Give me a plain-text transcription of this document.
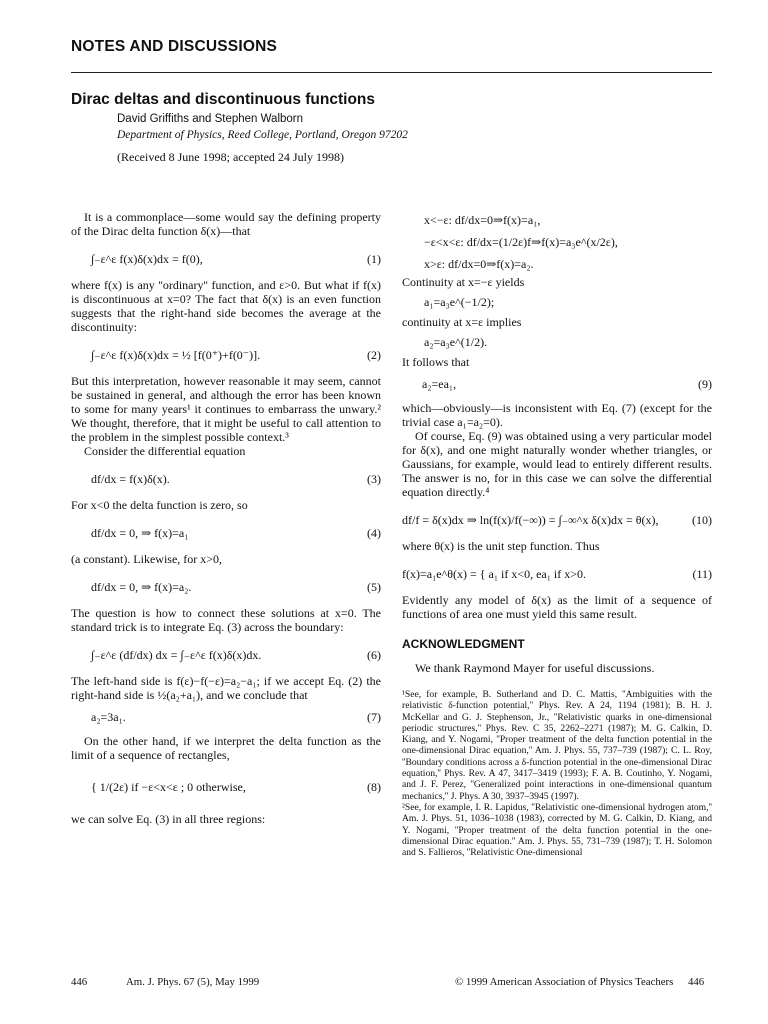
NOTES AND DISCUSSIONS
Dirac deltas and discontinuous functions
David Griffiths and Stephen Walborn
Department of Physics, Reed College, Portland, Oregon 97202
(Received 8 June 1998; accepted 24 July 1998)

It is a commonplace—some would say the defining property of the Dirac delta function δ(x)—that

∫₋ε^ε f(x)δ(x)dx = f(0),	(1)

where f(x) is any ''ordinary'' function, and ε>0. But what if f(x) is discontinuous at x=0? The fact that δ(x) is an even function suggests that the right-hand side becomes the average at the discontinuity:

∫₋ε^ε f(x)δ(x)dx = ½ [f(0⁺)+f(0⁻)].	(2)

But this interpretation, however reasonable it may seem, cannot be sustained in general, and although the error has been known to some for many years¹ it continues to embarrass the unwary.² We thought, therefore, that it might be useful to call attention to the problem in the simplest possible context.³

Consider the differential equation

df/dx = f(x)δ(x).	(3)

For x<0 the delta function is zero, so

df/dx = 0, ⇒ f(x)=a₁	(4)

(a constant). Likewise, for x>0,

df/dx = 0, ⇒ f(x)=a₂.	(5)

The question is how to connect these solutions at x=0. The standard trick is to integrate Eq. (3) across the boundary:

∫₋ε^ε (df/dx) dx = ∫₋ε^ε f(x)δ(x)dx.	(6)

The left-hand side is f(ε)−f(−ε)=a₂−a₁; if we accept Eq. (2) the right-hand side is ½(a₂+a₁), and we conclude that

a₂=3a₁.	(7)

On the other hand, if we interpret the delta function as the limit of a sequence of rectangles,

{ 1/(2ε) if −ε<x<ε ; 0 otherwise,	(8)

we can solve Eq. (3) in all three regions:

x<−ε: df/dx=0⇒f(x)=a₁,

−ε<x<ε: df/dx=(1/2ε)f⇒f(x)=a₃e^(x/2ε),

x>ε: df/dx=0⇒f(x)=a₂.

Continuity at x=−ε yields

a₁=a₃e^(−1/2);

continuity at x=ε implies

a₂=a₃e^(1/2).

It follows that

a₂=ea₁,	(9)

which—obviously—is inconsistent with Eq. (7) (except for the trivial case a₁=a₂=0).

Of course, Eq. (9) was obtained using a very particular model for δ(x), and one might naturally wonder whether triangles, or Gaussians, for example, would lead to entirely different results. The answer is no, for in this case we can solve the differential equation directly.⁴

df/f = δ(x)dx ⇒ ln(f(x)/f(−∞)) = ∫₋∞^x δ(x)dx = θ(x),	(10)

where θ(x) is the unit step function. Thus

f(x)=a₁e^θ(x) = { a₁ if x<0, ea₁ if x>0.	(11)

Evidently any model of δ(x) as the limit of a sequence of functions of area one must yield this same result.

ACKNOWLEDGMENT

We thank Raymond Mayer for useful discussions.

¹See, for example, B. Sutherland and D. C. Mattis, ''Ambiguities with the relativistic δ-function potential,'' Phys. Rev. A 24, 1194 (1981); B. H. J. McKellar and G. J. Stephenson, Jr., ''Relativistic quarks in one-dimensional periodic structures,'' Phys. Rev. C 35, 2262–2271 (1987); M. G. Calkin, D. Kiang, and Y. Nogami, ''Proper treatment of the delta function potential in the one-dimensional Dirac equation,'' Am. J. Phys. 55, 737–739 (1987); C. L. Roy, ''Boundary conditions across a δ-function potential in the one-dimensional Dirac equation,'' Phys. Rev. A 47, 3417–3419 (1993); F. A. B. Coutinho, Y. Nogami, and J. F. Perez, ''Generalized point interactions in one-dimensional quantum mechanics,'' J. Phys. A 30, 3937–3945 (1997).

²See, for example, I. R. Lapidus, ''Relativistic one-dimensional hydrogen atom,'' Am. J. Phys. 51, 1036–1038 (1983), corrected by M. G. Calkin, D. Kiang, and Y. Nogami, ''Proper treatment of the delta function potential in the one-dimensional Dirac equation.'' Am. J. Phys. 55, 731–739 (1987); T. H. Solomon and S. Fallieros, ''Relativistic One-dimensional

446	Am. J. Phys. 67 (5), May 1999	© 1999 American Association of Physics Teachers 446
